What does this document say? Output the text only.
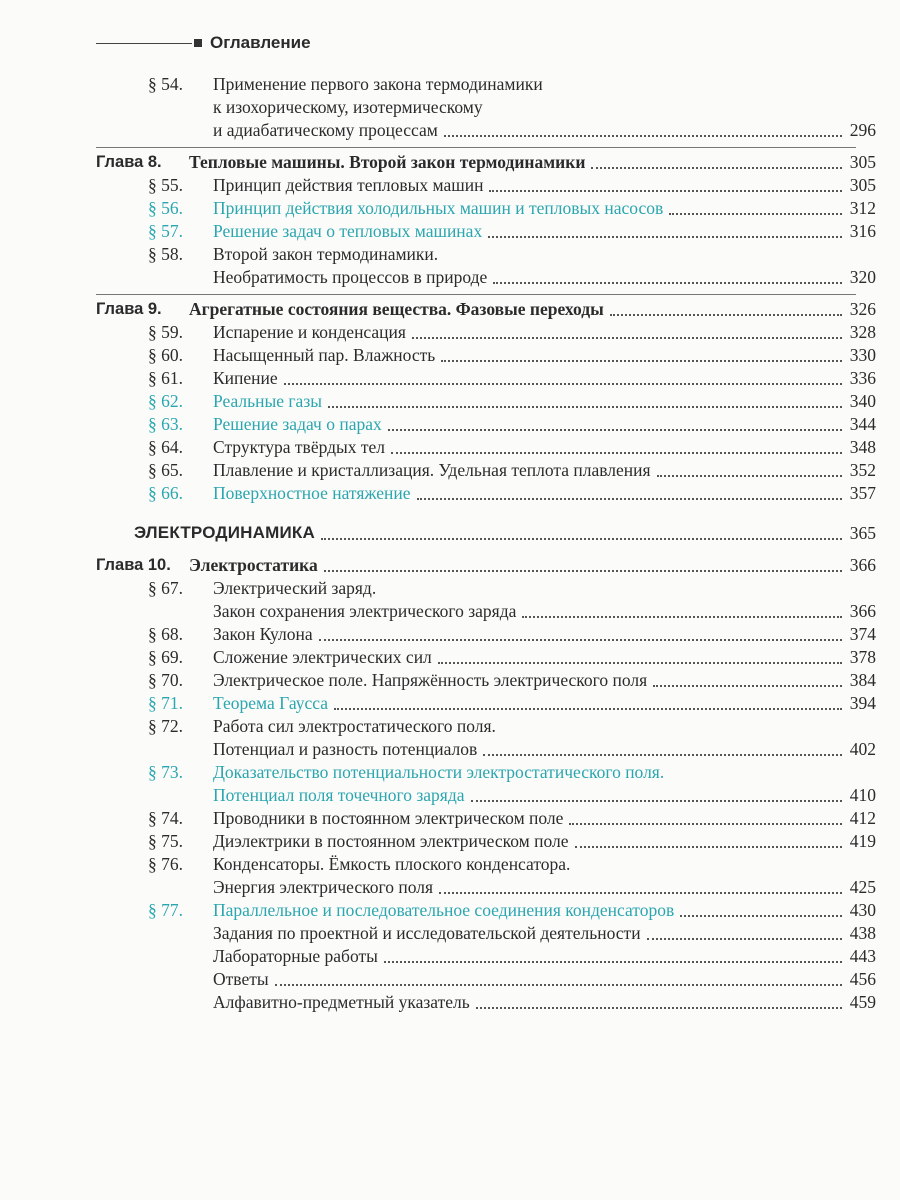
Оглавление
§ 54. Применение первого закона термодинамики
к изохорическому, изотермическому
и адиабатическому процессам	296
Глава 8. Тепловые машины. Второй закон термодинамики	305
§ 55. Принцип действия тепловых машин	305
§ 56. Принцип действия холодильных машин и тепловых насосов	312
§ 57. Решение задач о тепловых машинах	316
§ 58. Второй закон термодинамики.
Необратимость процессов в природе	320
Глава 9. Агрегатные состояния вещества. Фазовые переходы	326
§ 59. Испарение и конденсация	328
§ 60. Насыщенный пар. Влажность	330
§ 61. Кипение	336
§ 62. Реальные газы	340
§ 63. Решение задач о парах	344
§ 64. Структура твёрдых тел	348
§ 65. Плавление и кристаллизация. Удельная теплота плавления	352
§ 66. Поверхностное натяжение	357
ЭЛЕКТРОДИНАМИКА	365
Глава 10. Электростатика	366
§ 67. Электрический заряд.
Закон сохранения электрического заряда	366
§ 68. Закон Кулона	374
§ 69. Сложение электрических сил	378
§ 70. Электрическое поле. Напряжённость электрического поля	384
§ 71. Теорема Гаусса	394
§ 72. Работа сил электростатического поля.
Потенциал и разность потенциалов	402
§ 73. Доказательство потенциальности электростатического поля.
Потенциал поля точечного заряда	410
§ 74. Проводники в постоянном электрическом поле	412
§ 75. Диэлектрики в постоянном электрическом поле	419
§ 76. Конденсаторы. Ёмкость плоского конденсатора.
Энергия электрического поля	425
§ 77. Параллельное и последовательное соединения конденсаторов	430
Задания по проектной и исследовательской деятельности	438
Лабораторные работы	443
Ответы	456
Алфавитно-предметный указатель	459
